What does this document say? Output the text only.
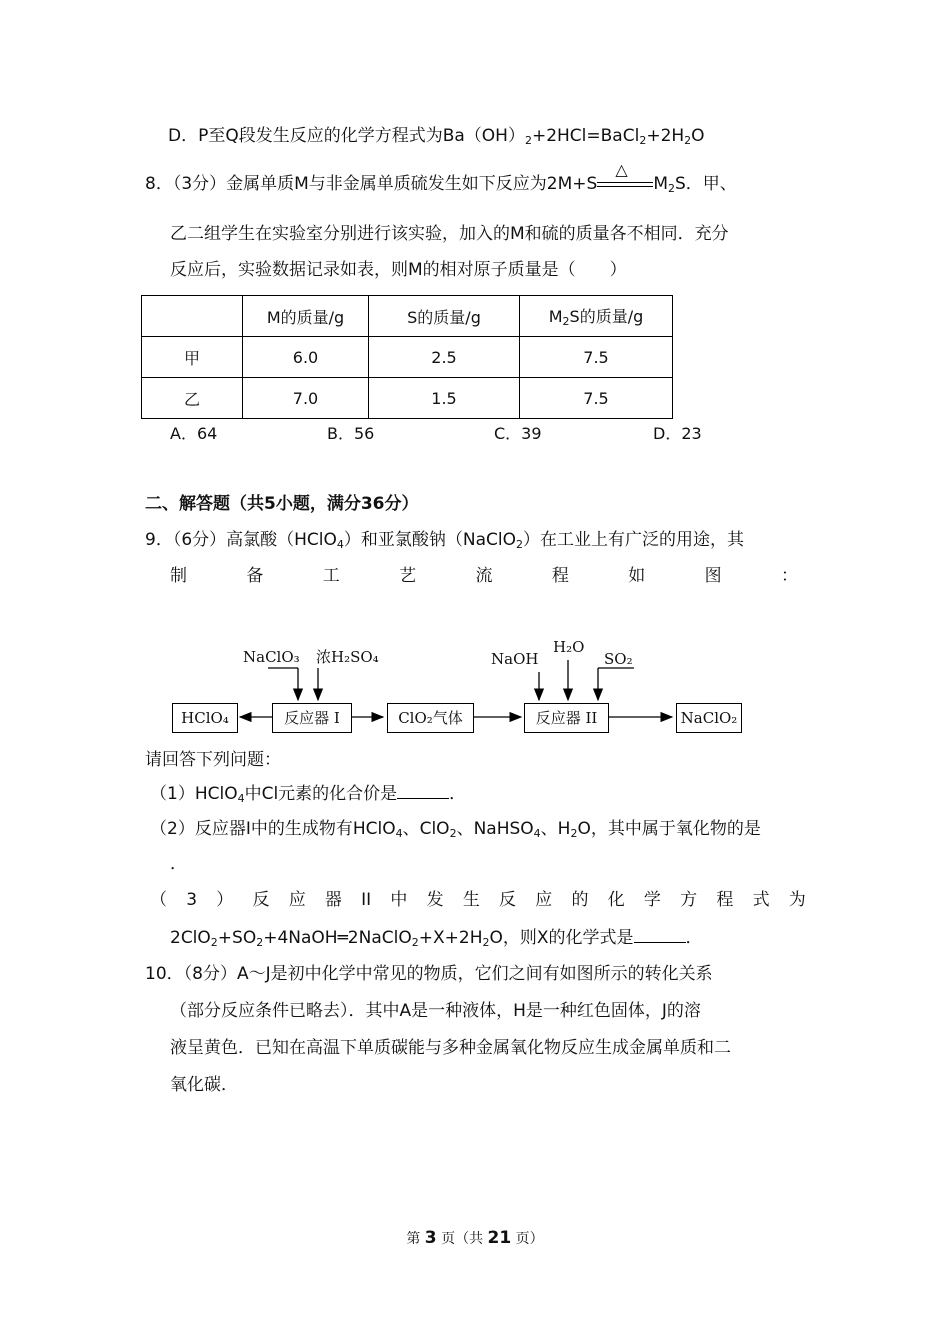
D．P至Q段发生反应的化学方程式为$Ba(OH)_2+2HCl=BaCl_2+2H_2O$
8．（3分）金属单质M与非金属单质硫发生如下反应为2M+S
△
$M_2S$．甲、
乙二组学生在实验室分别进行该实验，加入的M和硫的质量各不相同．充分
反应后，实验数据记录如表，则M的相对原子质量是（　　）
	M的质量/g	S的质量/g	$M_2S$的质量/g
甲	6.0	2.5	7.5
乙	7.0	1.5	7.5
A．64	B．56	C．39	D．23
二、解答题（共5小题，满分36分）
9．（6分）高氯酸（HClO$_4$）和亚氯酸钠（NaClO$_2$）在工业上有广泛的用途，其
制	备	工	艺	流	程	如	图	：
NaClO₃ 浓H₂SO₄
HClO₄	反应器 I	ClO₂气体
NaOH
H₂O
SO₂
反应器 II	NaClO₂
请回答下列问题：
（1）HClO$_4$中Cl元素的化合价是	．
（2）反应器I中的生成物有HClO$_4$、ClO$_2$、NaHSO$_4$、$H_2O$，其中属于氧化物的是
．
（ 3 ） 反 应 器 II 中 发 生 反 应 的 化 学 方 程 式 为
$2ClO_2+SO_2+4NaOH═2NaClO_2+X+2H_2O$，则X的化学式是	．
10．（8分）A～J是初中化学中常见的物质，它们之间有如图所示的转化关系
（部分反应条件已略去）．其中A是一种液体，H是一种红色固体，J的溶
液呈黄色．已知在高温下单质碳能与多种金属氧化物反应生成金属单质和二
氧化碳．
第 3 页（共 21 页）
